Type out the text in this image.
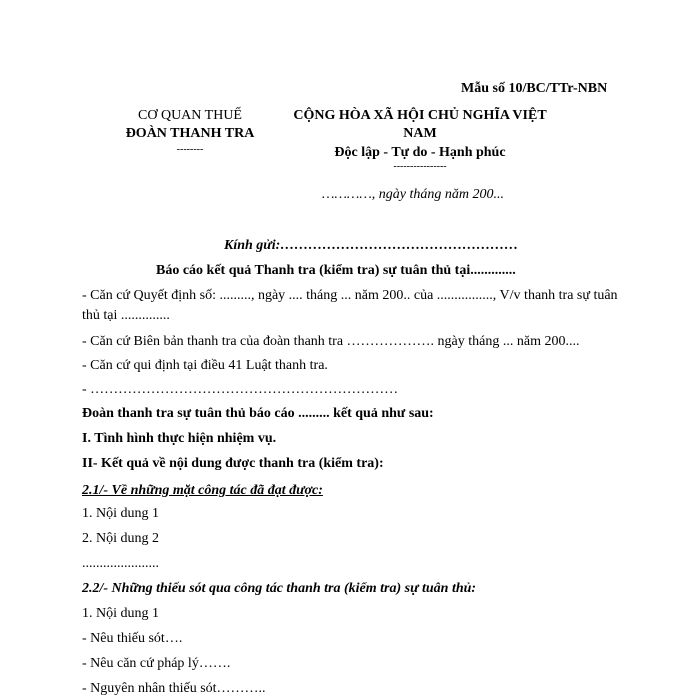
Mẫu số 10/BC/TTr-NBN
CƠ QUAN THUẾ
ĐOÀN THANH TRA
--------
CỘNG HÒA XÃ HỘI CHỦ NGHĨA VIỆT
NAM
Độc lập - Tự do - Hạnh phúc
----------------
…………, ngày tháng năm 200...
Kính gửi:……………………………………………
Báo cáo kết quả Thanh tra (kiểm tra) sự tuân thủ tại.............
- Căn cứ Quyết định số: ........., ngày .... tháng ... năm 200.. của ................, V/v thanh tra sự tuân thủ tại ..............
- Căn cứ Biên bản thanh tra của đoàn thanh tra ………………. ngày tháng ... năm 200....
- Căn cứ qui định tại điều 41 Luật thanh tra.
- …………………………………………………………
Đoàn thanh tra sự tuân thủ báo cáo ......... kết quả như sau:
I. Tình hình thực hiện nhiệm vụ.
II- Kết quả về nội dung được thanh tra (kiểm tra):
2.1/- Về những mặt công tác đã đạt được:
1. Nội dung 1
2. Nội dung 2
......................
2.2/- Những thiếu sót qua công tác thanh tra (kiểm tra) sự tuân thủ:
1. Nội dung 1
- Nêu thiếu sót….
- Nêu căn cứ pháp lý…….
- Nguyên nhân thiếu sót………..
